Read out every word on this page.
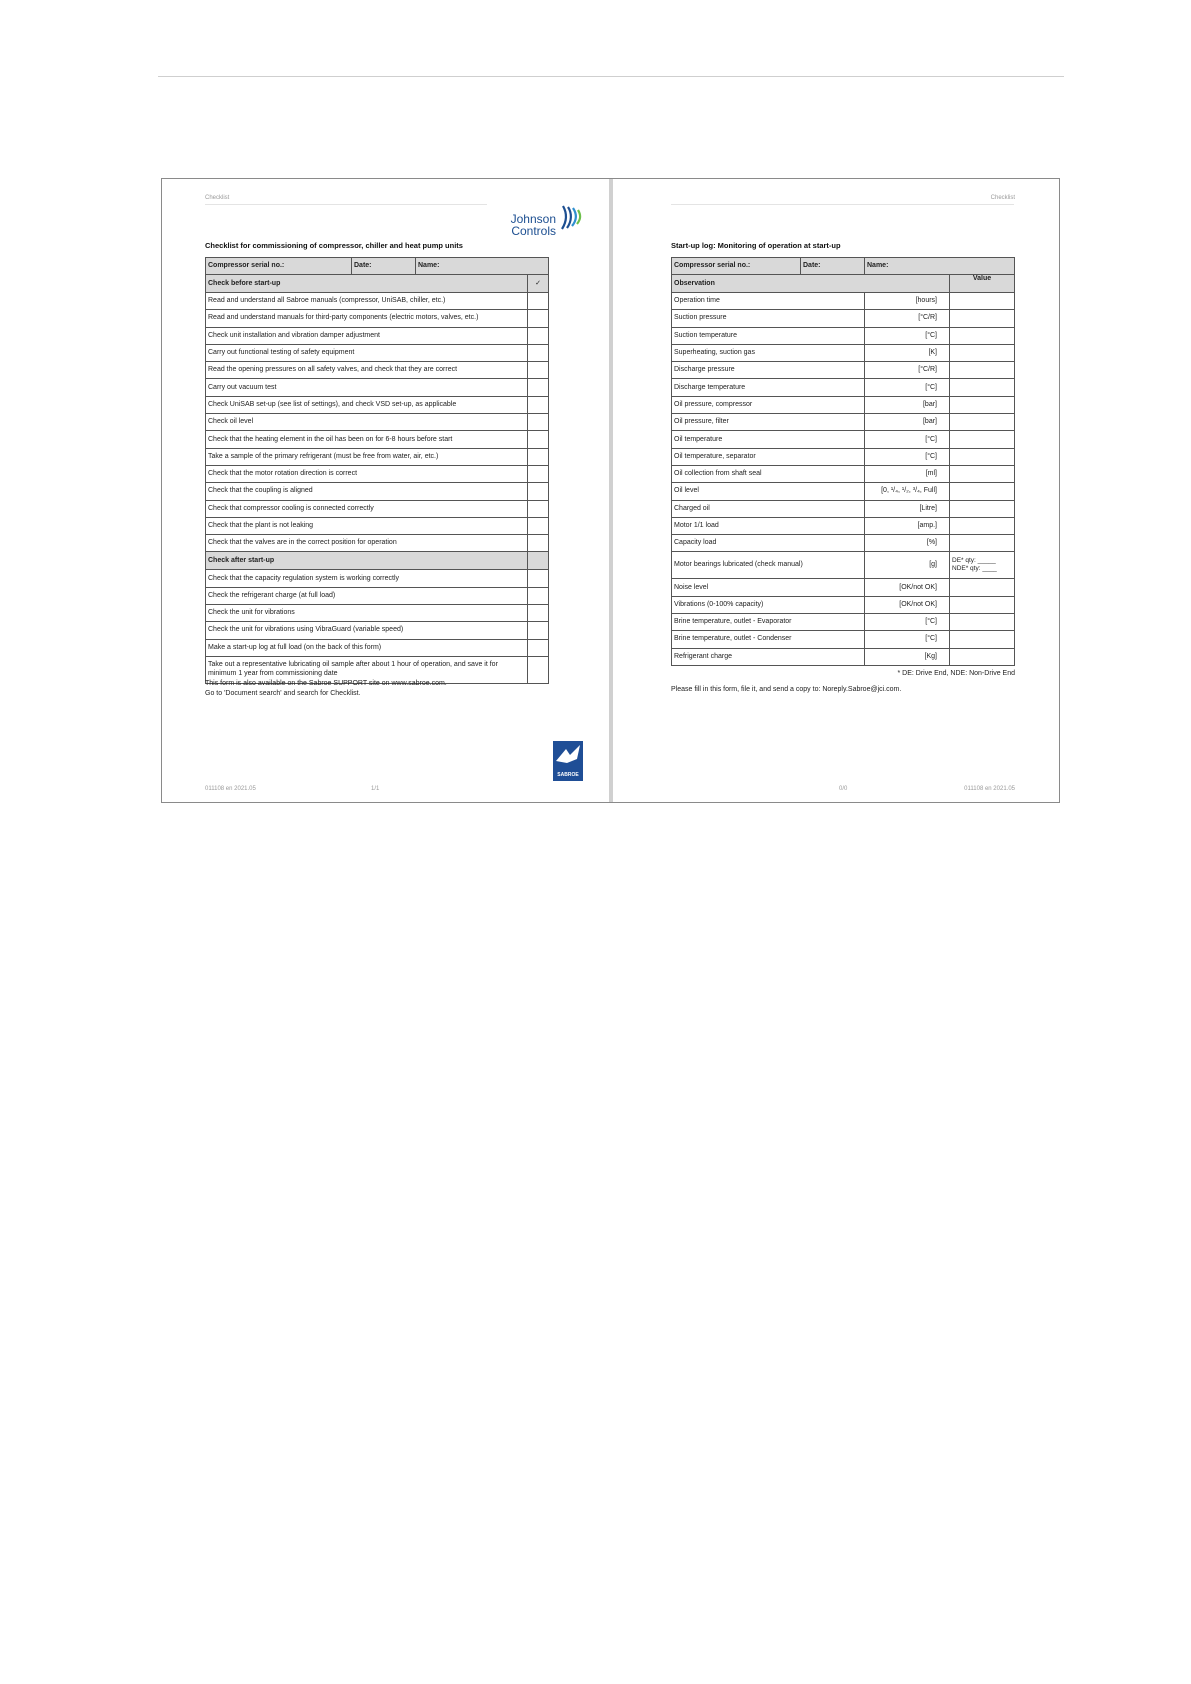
Checklist
Johnson
Controls
Checklist for commissioning of compressor, chiller and heat pump units
Compressor serial no.:	Date:	Name:	
Check before start-up			✓
Read and understand all Sabroe manuals (compressor, UniSAB, chiller, etc.)			
Read and understand manuals for third-party components (electric motors, valves, etc.)			
Check unit installation and vibration damper adjustment			
Carry out functional testing of safety equipment			
Read the opening pressures on all safety valves, and check that they are correct			
Carry out vacuum test			
Check UniSAB set-up (see list of settings), and check VSD set-up, as applicable			
Check oil level			
Check that the heating element in the oil has been on for 6-8 hours before start			
Take a sample of the primary refrigerant (must be free from water, air, etc.)			
Check that the motor rotation direction is correct			
Check that the coupling is aligned			
Check that compressor cooling is connected correctly			
Check that the plant is not leaking			
Check that the valves are in the correct position for operation			
Check after start-up			
Check that the capacity regulation system is working correctly			
Check the refrigerant charge (at full load)			
Check the unit for vibrations			
Check the unit for vibrations using VibraGuard (variable speed)			
Make a start-up log at full load (on the back of this form)			
Take out a representative lubricating oil sample after about 1 hour of operation, and save it for minimum 1 year from commissioning date			
This form is also available on the Sabroe SUPPORT site on www.sabroe.com.
Go to 'Document search' and search for Checklist.
SABROE
011108 en 2021.05	1/1
Checklist
Start-up log: Monitoring of operation at start-up
Compressor serial no.:	Date:	Name:	
Observation			Value
Operation time		[hours]	
Suction pressure		[°C/R]	
Suction temperature		[°C]	
Superheating, suction gas		[K]	
Discharge pressure		[°C/R]	
Discharge temperature		[°C]	
Oil pressure, compressor		[bar]	
Oil pressure, filter		[bar]	
Oil temperature		[°C]	
Oil temperature, separator		[°C]	
Oil collection from shaft seal		[ml]	
Oil level		[0, ¹/₄, ¹/₂, ³/₄, Full]	
Charged oil		[Litre]	
Motor 1/1 load		[amp.]	
Capacity load		[%]	
Motor bearings lubricated (check manual)		[g]	DE* qty: _____
NDE* qty: ____

Noise level		[OK/not OK]	
Vibrations (0-100% capacity)		[OK/not OK]	
Brine temperature, outlet - Evaporator		[°C]	
Brine temperature, outlet - Condenser		[°C]	
Refrigerant charge		[Kg]	
* DE: Drive End, NDE: Non-Drive End
Please fill in this form, file it, and send a copy to: Noreply.Sabroe@jci.com.
0/0	011108 en 2021.05
